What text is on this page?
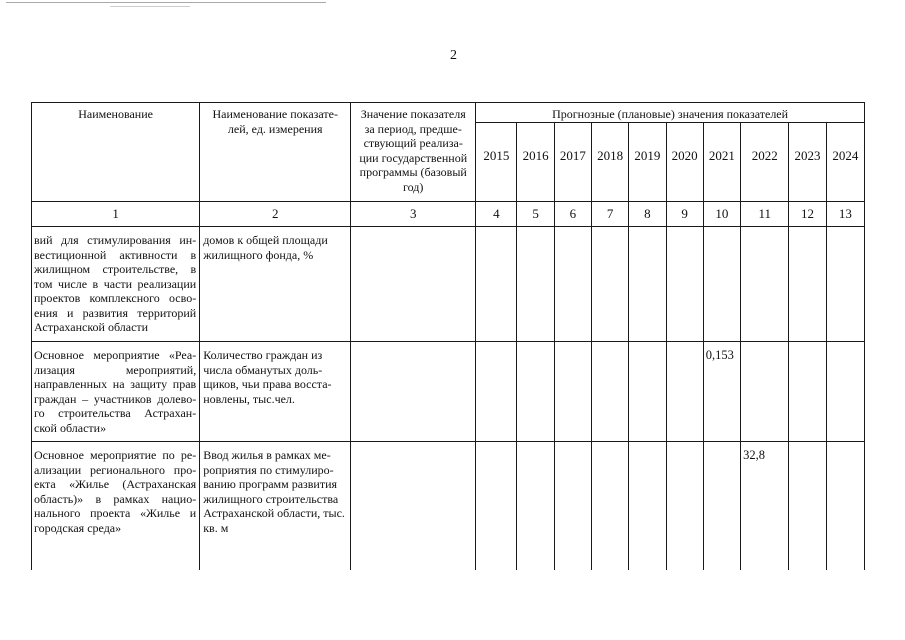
2
Наименование	Наименование показате-лей, ед. измерения	Значение показателя за период, предше-ствующий реализа-ции государственной программы (базовый год)	Прогнозные (плановые) значения показателей									
			2015	2016	2017	2018	2019	2020	2021	2022	2023	2024
1	2	3	4	5	6	7	8	9	10	11	12	13
вий для стимулирования ин-вестиционной активности в жилищном строительстве, в том числе в части реализации проектов комплексного осво-ения и развития территорий Астраханской области	домов к общей площади жилищного фонда, %											
Основное мероприятие «Реа-лизация мероприятий, направленных на защиту прав граждан – участников долево-го строительства Астрахан-ской области»	Количество граждан из числа обманутых доль-щиков, чьи права восста-новлены, тыс.чел.								0,153			
Основное мероприятие по ре-ализации регионального про-екта «Жилье (Астраханская область)» в рамках нацио-нального проекта «Жилье и городская среда»	Ввод жилья в рамках ме-роприятия по стимулиро-ванию программ развития жилищного строительства Астраханской области, тыс. кв. м									32,8		
